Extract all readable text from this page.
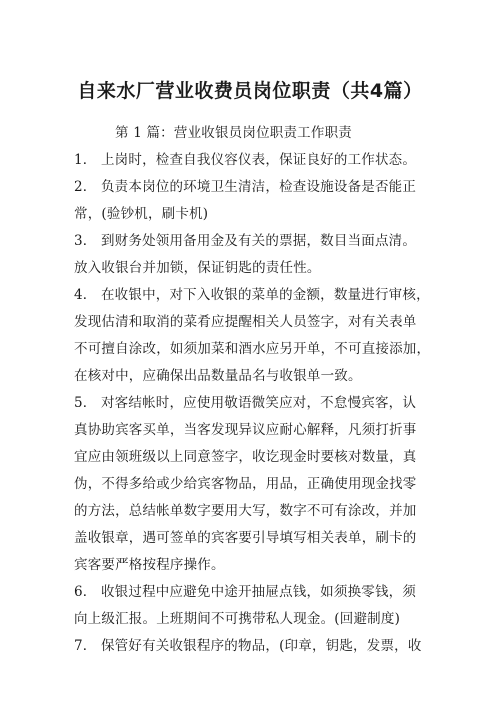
自来水厂营业收费员岗位职责（共4篇）
第 1 篇：营业收银员岗位职责工作职责
1． 上岗时，检查自我仪容仪表，保证良好的工作状态。
2． 负责本岗位的环境卫生清洁，检查设施设备是否能正
常，(验钞机，刷卡机)
3． 到财务处领用备用金及有关的票据，数目当面点清。
放入收银台并加锁，保证钥匙的责任性。
4． 在收银中，对下入收银的菜单的金额，数量进行审核，
发现估清和取消的菜肴应提醒相关人员签字，对有关表单
不可擅自涂改，如须加菜和酒水应另开单，不可直接添加，
在核对中，应确保出品数量品名与收银单一致。
5． 对客结帐时，应使用敬语微笑应对，不怠慢宾客，认
真协助宾客买单，当客发现异议应耐心解释，凡须打折事
宜应由领班级以上同意签字，收讫现金时要核对数量，真
伪，不得多给或少给宾客物品，用品，正确使用现金找零
的方法，总结帐单数字要用大写，数字不可有涂改，并加
盖收银章，遇可签单的宾客要引导填写相关表单，刷卡的
宾客要严格按程序操作。
6． 收银过程中应避免中途开抽屉点钱，如须换零钱，须
向上级汇报。上班期间不可携带私人现金。(回避制度)
7． 保管好有关收银程序的物品，(印章，钥匙，发票，收
